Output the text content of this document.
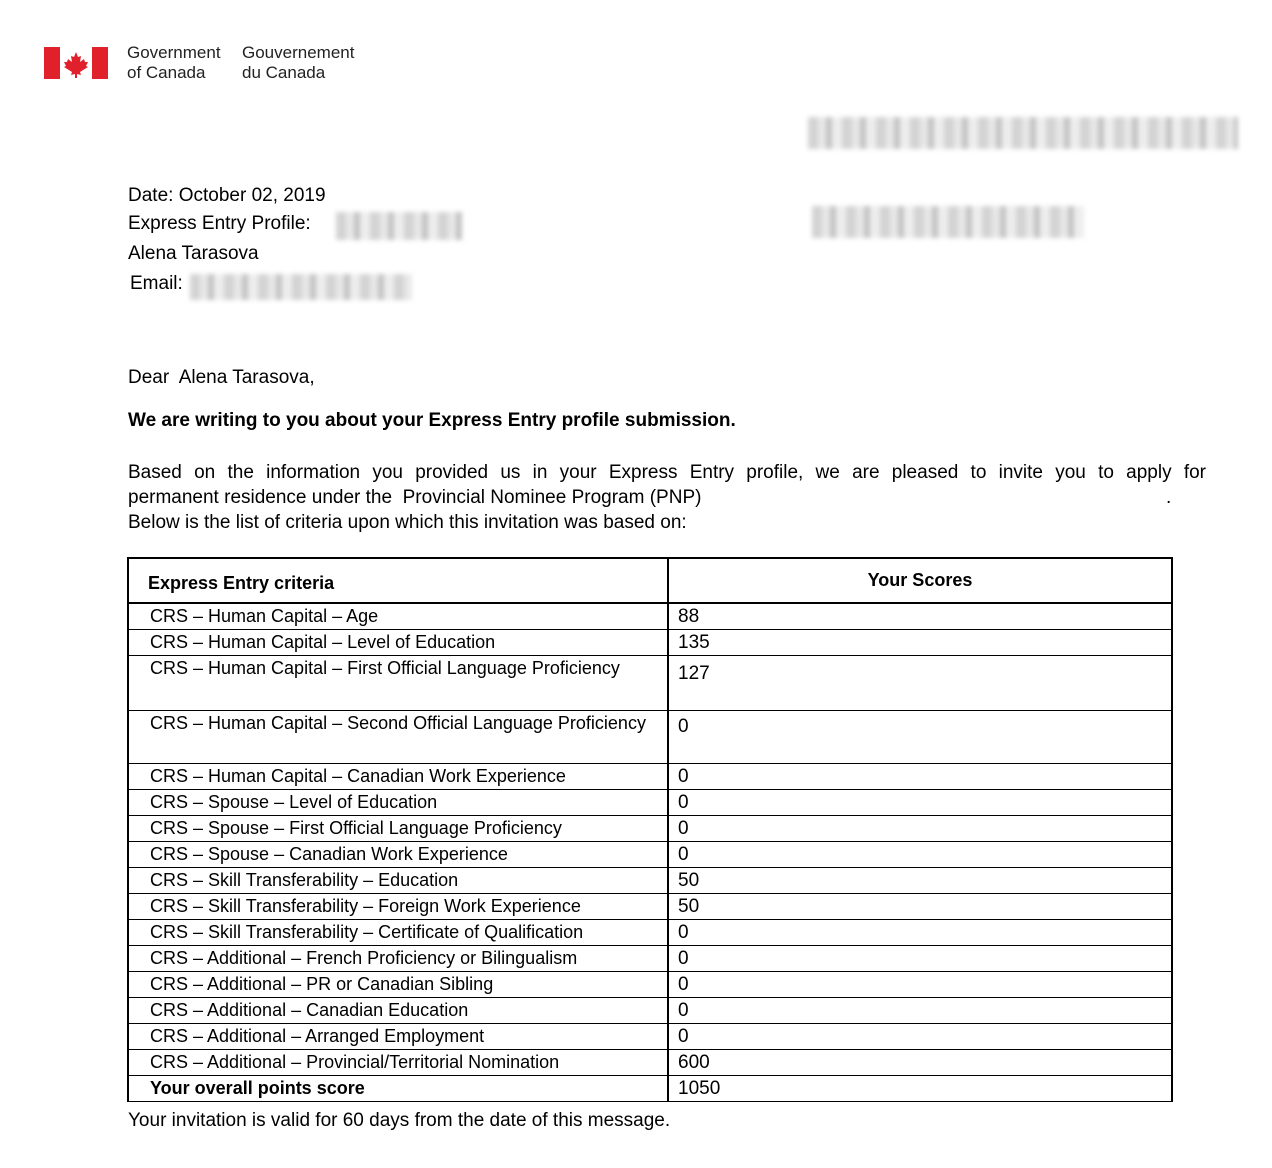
Government
of Canada
Gouvernement
du Canada
Date: October 02, 2019
Express Entry Profile:
Alena Tarasova
Email:
Dear Alena Tarasova,
We are writing to you about your Express Entry profile submission.
Based on the information you provided us in your Express Entry profile, we are pleased to invite you to apply for
permanent residence under the Provincial Nominee Program (PNP)
Below is the list of criteria upon which this invitation was based on:
.
Express Entry criteria	Your Scores
CRS – Human Capital – Age	88
CRS – Human Capital – Level of Education	135
CRS – Human Capital – First Official Language Proficiency	127
CRS – Human Capital – Second Official Language Proficiency	0
CRS – Human Capital – Canadian Work Experience	0
CRS – Spouse – Level of Education	0
CRS – Spouse – First Official Language Proficiency	0
CRS – Spouse – Canadian Work Experience	0
CRS – Skill Transferability – Education	50
CRS – Skill Transferability – Foreign Work Experience	50
CRS – Skill Transferability – Certificate of Qualification	0
CRS – Additional – French Proficiency or Bilingualism	0
CRS – Additional – PR or Canadian Sibling	0
CRS – Additional – Canadian Education	0
CRS – Additional – Arranged Employment	0
CRS – Additional – Provincial/Territorial Nomination	600
Your overall points score	1050
Your invitation is valid for 60 days from the date of this message.
